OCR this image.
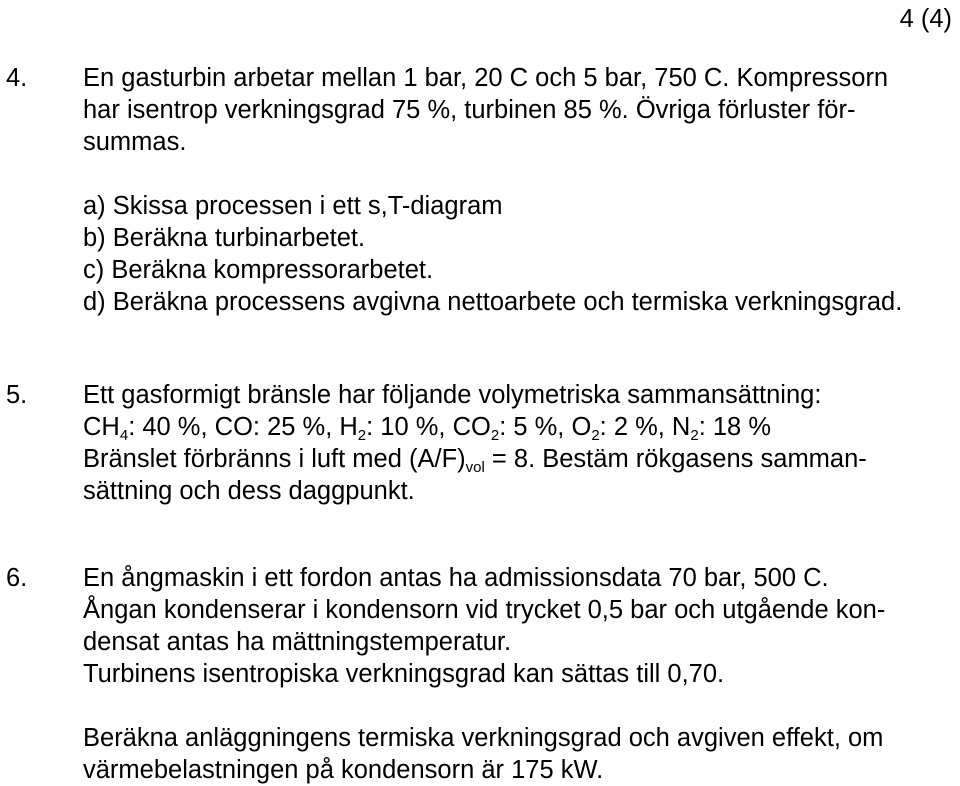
4 (4)
4. En gasturbin arbetar mellan 1 bar, 20 C och 5 bar, 750 C. Kompressorn
har isentrop verkningsgrad 75 %, turbinen 85 %. Övriga förluster för-
summas.
a) Skissa processen i ett s,T-diagram
b) Beräkna turbinarbetet.
c) Beräkna kompressorarbetet.
d) Beräkna processens avgivna nettoarbete och termiska verkningsgrad.
5. Ett gasformigt bränsle har följande volymetriska sammansättning:
$CH_4$: 40 %, CO: 25 %, $H_2$: 10 %, $CO_2$: 5 %, $O_2$: 2 %, $N_2$: 18 %
Bränslet förbränns i luft med $(A/F)_{vol} = 8$. Bestäm rökgasens samman-
sättning och dess daggpunkt.
6. En ångmaskin i ett fordon antas ha admissionsdata 70 bar, 500 C.
Ångan kondenserar i kondensorn vid trycket 0,5 bar och utgående kon-
densat antas ha mättningstemperatur.
Turbinens isentropiska verkningsgrad kan sättas till 0,70.
Beräkna anläggningens termiska verkningsgrad och avgiven effekt, om
värmebelastningen på kondensorn är 175 kW.
